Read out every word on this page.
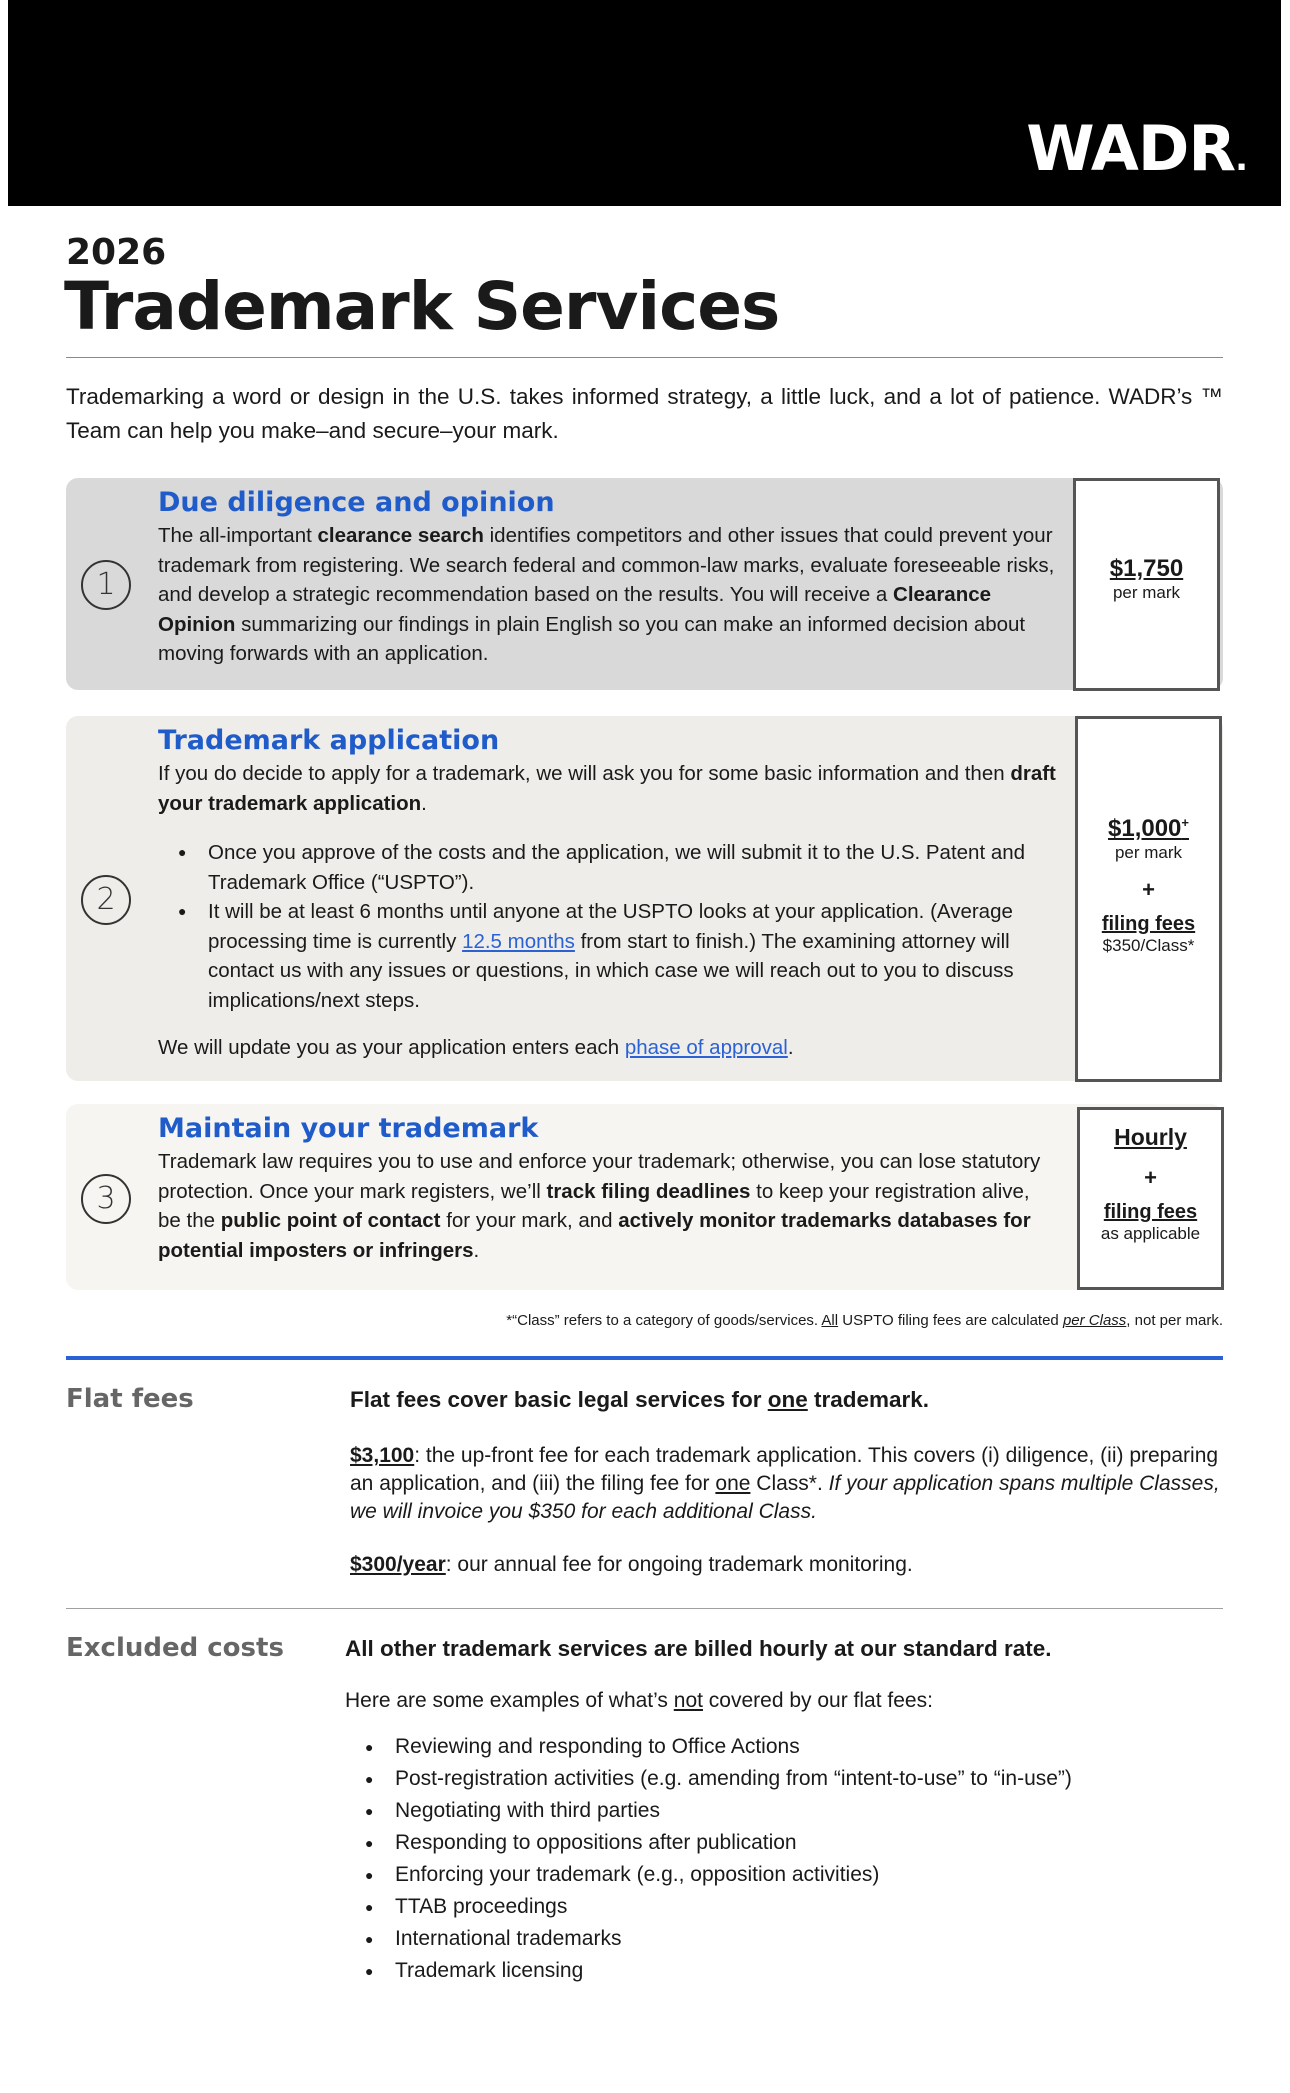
WADR.
2026
Trademark Services
Trademarking a word or design in the U.S. takes informed strategy, a little luck, and a lot of patience. WADR’s ™ Team can help you make–and secure–your mark.
1
Due diligence and opinion

The all-important clearance search identifies competitors and other issues that could prevent your trademark from registering. We search federal and common-law marks, evaluate foreseeable risks, and develop a strategic recommendation based on the results. You will receive a Clearance Opinion summarizing our findings in plain English so you can make an informed decision about moving forwards with an application.

$1,750
per mark
2
Trademark application

If you do decide to apply for a trademark, we will ask you for some basic information and then draft your trademark application.

● Once you approve of the costs and the application, we will submit it to the U.S. Patent and Trademark Office (“USPTO”).
● It will be at least 6 months until anyone at the USPTO looks at your application. (Average processing time is currently 12.5 months from start to finish.) The examining attorney will contact us with any issues or questions, in which case we will reach out to you to discuss implications/next steps.

We will update you as your application enters each phase of approval.

$1,000+
per mark
+
filing fees
$350/Class*
3
Maintain your trademark

Trademark law requires you to use and enforce your trademark; otherwise, you can lose statutory protection. Once your mark registers, we’ll track filing deadlines to keep your registration alive, be the public point of contact for your mark, and actively monitor trademarks databases for potential imposters or infringers.

Hourly
+
filing fees
as applicable
*“Class” refers to a category of goods/services. All USPTO filing fees are calculated per Class, not per mark.
Flat fees	Flat fees cover basic legal services for one trademark.

$3,100: the up-front fee for each trademark application. This covers (i) diligence, (ii) preparing an application, and (iii) the filing fee for one Class*. If your application spans multiple Classes, we will invoice you $350 for each additional Class.

$300/year: our annual fee for ongoing trademark monitoring.

Excluded costs	All other trademark services are billed hourly at our standard rate.

Here are some examples of what’s not covered by our flat fees:

● Reviewing and responding to Office Actions
● Post-registration activities (e.g. amending from “intent-to-use” to “in-use”)
● Negotiating with third parties
● Responding to oppositions after publication
● Enforcing your trademark (e.g., opposition activities)
● TTAB proceedings
● International trademarks
● Trademark licensing
